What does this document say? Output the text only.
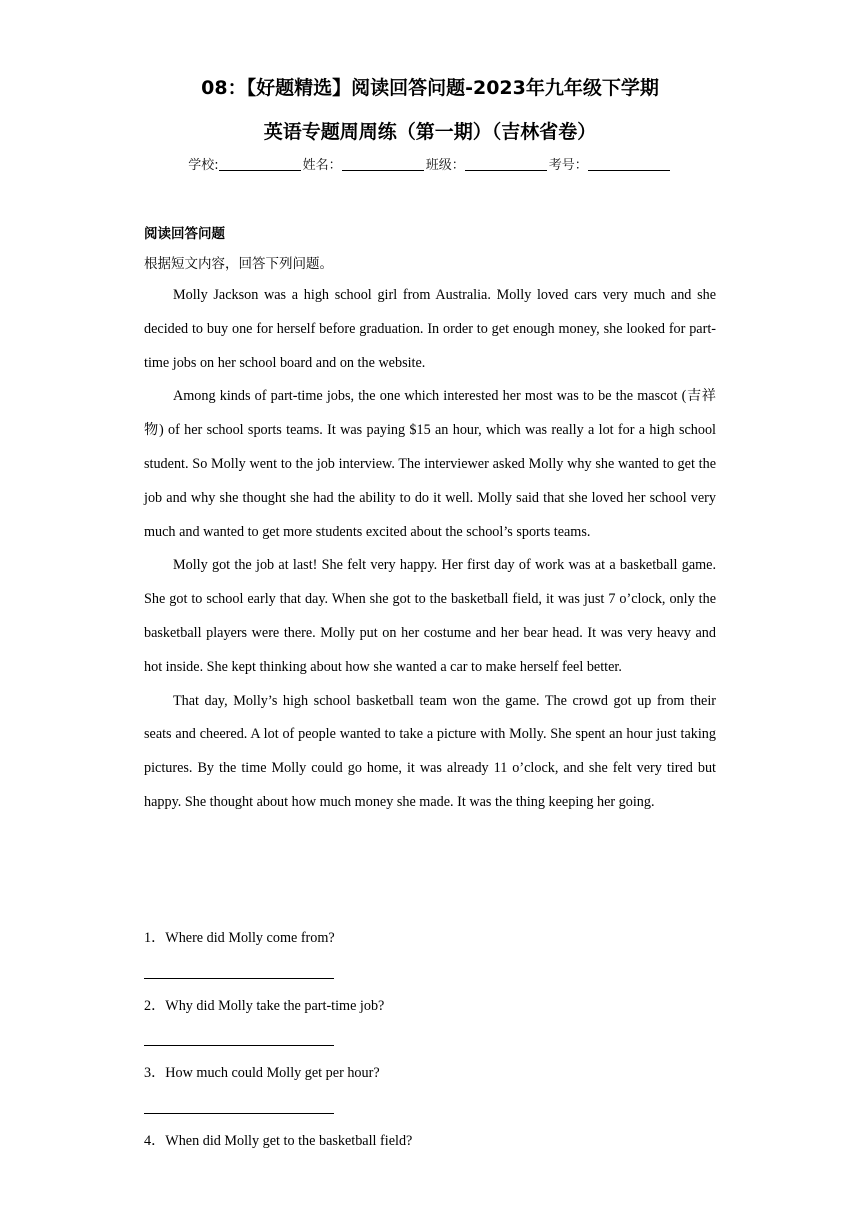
08：【好题精选】阅读回答问题-2023年九年级下学期
英语专题周周练（第一期）（吉林省卷）
学校:	姓名：	班级：	考号：
阅读回答问题
根据短文内容，回答下列问题。

Molly Jackson was a high school girl from Australia. Molly loved cars very much and she decided to buy one for herself before graduation. In order to get enough money, she looked for part-time jobs on her school board and on the website.

Among kinds of part-time jobs, the one which interested her most was to be the mascot (吉祥物) of her school sports teams. It was paying $15 an hour, which was really a lot for a high school student. So Molly went to the job interview. The interviewer asked Molly why she wanted to get the job and why she thought she had the ability to do it well. Molly said that she loved her school very much and wanted to get more students excited about the school’s sports teams.

Molly got the job at last! She felt very happy. Her first day of work was at a basketball game. She got to school early that day. When she got to the basketball field, it was just 7 o’clock, only the basketball players were there. Molly put on her costume and her bear head. It was very heavy and hot inside. She kept thinking about how she wanted a car to make herself feel better.

That day, Molly’s high school basketball team won the game. The crowd got up from their seats and cheered. A lot of people wanted to take a picture with Molly. She spent an hour just taking pictures. By the time Molly could go home, it was already 11 o’clock, and she felt very tired but happy. She thought about how much money she made. It was the thing keeping her going.

1．Where did Molly come from?
2．Why did Molly take the part-time job?
3．How much could Molly get per hour?
4．When did Molly get to the basketball field?
